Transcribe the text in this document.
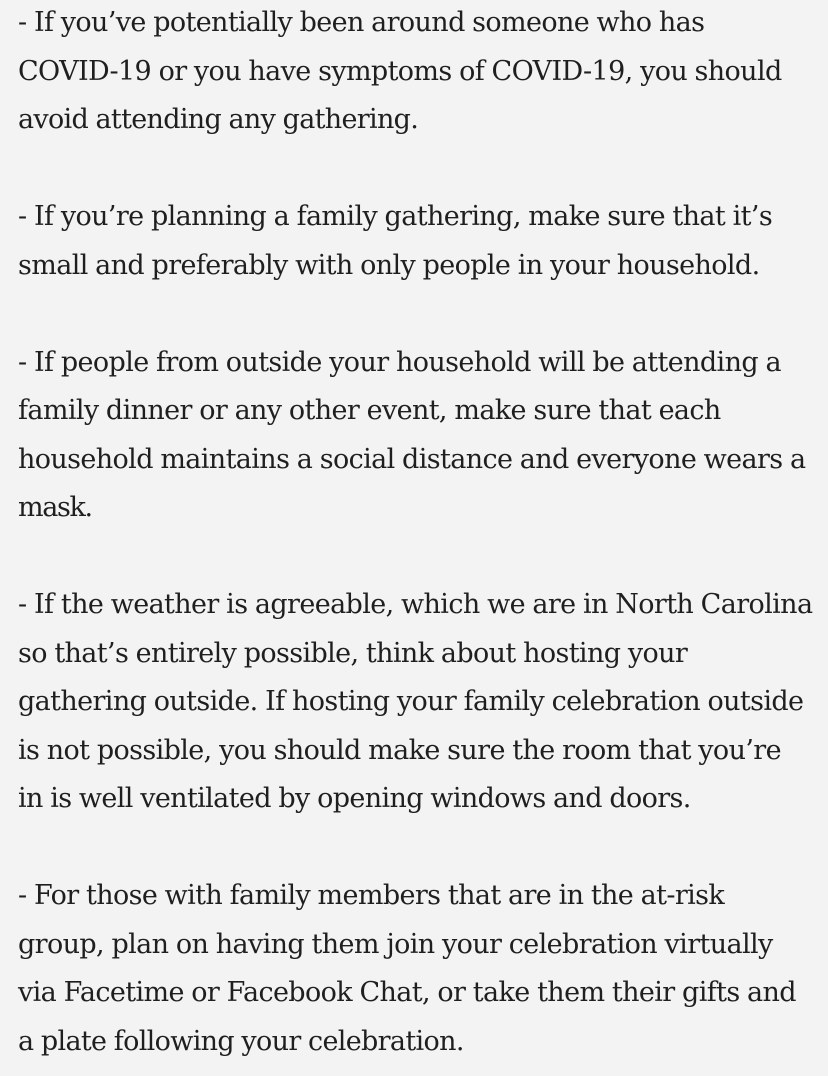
- If you’ve potentially been around someone who has
COVID-19 or you have symptoms of COVID-19, you should
avoid attending any gathering.
- If you’re planning a family gathering, make sure that it’s
small and preferably with only people in your household.
- If people from outside your household will be attending a
family dinner or any other event, make sure that each
household maintains a social distance and everyone wears a
mask.
- If the weather is agreeable, which we are in North Carolina
so that’s entirely possible, think about hosting your
gathering outside. If hosting your family celebration outside
is not possible, you should make sure the room that you’re
in is well ventilated by opening windows and doors.
- For those with family members that are in the at-risk
group, plan on having them join your celebration virtually
via Facetime or Facebook Chat, or take them their gifts and
a plate following your celebration.
